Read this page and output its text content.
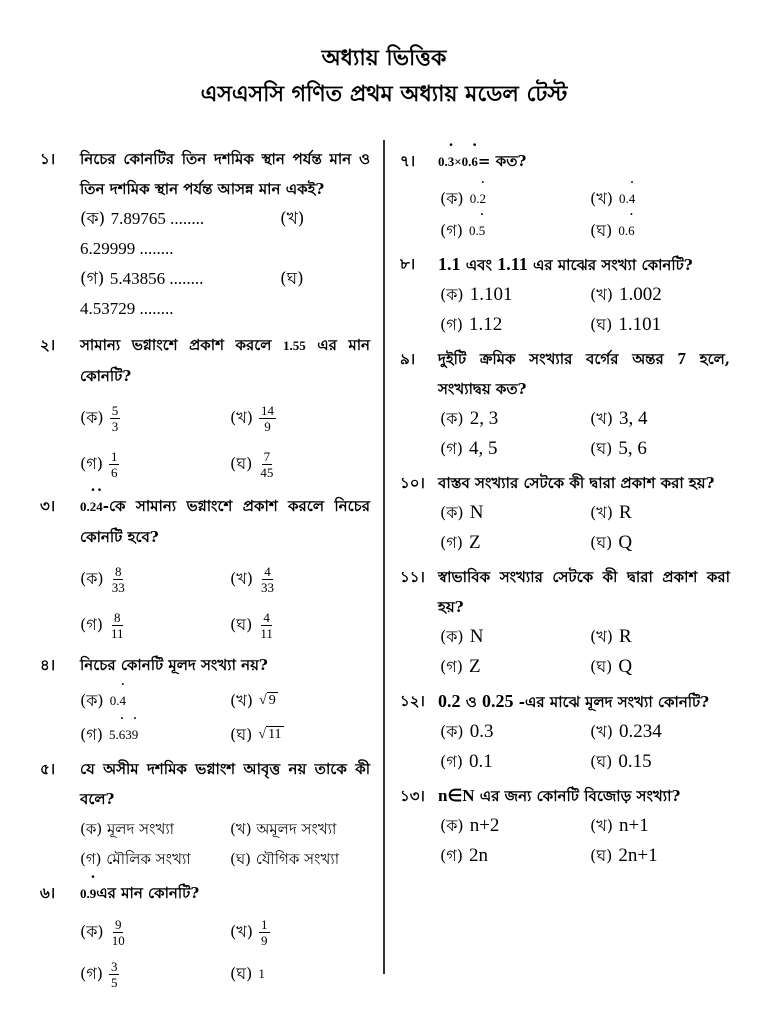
অধ্যায় ভিত্তিক
এসএসসি গণিত প্রথম অধ্যায় মডেল টেস্ট
১।	নিচের কোনটির তিন দশমিক স্থান পর্যন্ত মান ও তিন দশমিক স্থান পর্যন্ত আসন্ন মান একই?
(ক) 7.89765 ........	(খ)
6.29999 ........
(গ) 5.43856 ........	(ঘ)
4.53729 ........
২।	সামান্য ভগ্নাংশে প্রকাশ করলে 1.55 এর মান কোনটি?
(ক) $\frac{5}{3}$	(খ) $\frac{14}{9}$
(গ) $\frac{1}{6}$	(ঘ) $\frac{7}{45}$
৩।	0.˙ 2˙ 4-কে সামান্য ভগ্নাংশে প্রকাশ করলে নিচের কোনটি হবে?
(ক) $\frac{8}{33}$	(খ) $\frac{4}{33}$
(গ) $\frac{8}{11}$	(ঘ) $\frac{4}{11}$
৪।	নিচের কোনটি মূলদ সংখ্যা নয়?
(ক) 0.˙ 4	(খ) √ 9
(গ) 5.˙ 63˙ 9	(ঘ) √ 11
৫।	যে অসীম দশমিক ভগ্নাংশ আবৃত্ত নয় তাকে কী বলে?
(ক) মূলদ সংখ্যা	(খ) অমূলদ সংখ্যা
(গ) মৌলিক সংখ্যা	(ঘ) যৌগিক সংখ্যা
৬।	0.˙ 9এর মান কোনটি?
(ক) $\frac{9}{10}$	(খ) $\frac{1}{9}$
(গ) $\frac{3}{5}$	(ঘ) 1
৭।	0.˙ 3×0.˙ 6= কত?
(ক) 0.˙ 2	(খ) 0.˙ 4
(গ) 0.˙ 5	(ঘ) 0.˙ 6
৮।	1.1 এবং 1.11 এর মাঝের সংখ্যা কোনটি?
(ক) 1.101	(খ) 1.002
(গ) 1.12	(ঘ) 1.101
৯।	দুইটি ক্রমিক সংখ্যার বর্গের অন্তর 7 হলে, সংখ্যাদ্বয় কত?
(ক) 2, 3	(খ) 3, 4
(গ) 4, 5	(ঘ) 5, 6
১০। বাস্তব সংখ্যার সেটকে কী দ্বারা প্রকাশ করা হয়?
(ক) N	(খ) R
(গ) Z	(ঘ) Q
১১। স্বাভাবিক সংখ্যার সেটকে কী দ্বারা প্রকাশ করা হয়?
(ক) N	(খ) R
(গ) Z	(ঘ) Q
১২। 0.2 ও 0.25 -এর মাঝে মূলদ সংখ্যা কোনটি?
(ক) 0.3	(খ) 0.234
(গ) 0.1	(ঘ) 0.15
১৩। n∈N এর জন্য কোনটি বিজোড় সংখ্যা?
(ক) n+2	(খ) n+1
(গ) 2n	(ঘ) 2n+1
